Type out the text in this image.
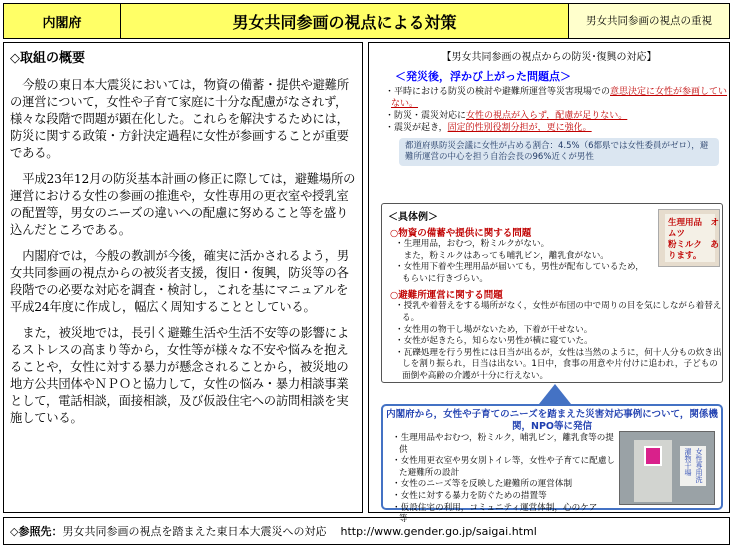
内閣府	男女共同参画の視点による対策	男女共同参画の視点の重視
◇取組の概要

今般の東日本大震災においては，物資の備蓄・提供や避難所の運営について，女性や子育て家庭に十分な配慮がなされず，様々な段階で問題が顕在化した。これらを解決するためには，防災に関する政策・方針決定過程に女性が参画することが重要である。

平成23年12月の防災基本計画の修正に際しては，避難場所の運営における女性の参画の推進や，女性専用の更衣室や授乳室の配置等，男女のニーズの違いへの配慮に努めること等を盛り込んだところである。

内閣府では，今般の教訓が今後，確実に活かされるよう，男女共同参画の視点からの被災者支援，復旧・復興，防災等の各段階での必要な対応を調査・検討し，これを基にマニュアルを平成24年度に作成し，幅広く周知することとしている。

また，被災地では，長引く避難生活や生活不安等の影響によるストレスの高まり等から，女性等が様々な不安や悩みを抱えることや，女性に対する暴力が懸念されることから，被災地の地方公共団体やＮＰＯと協力して，女性の悩み・暴力相談事業として，電話相談，面接相談，及び仮設住宅への訪問相談を実施している。

【男女共同参画の視点からの防災･復興の対応】
＜発災後，浮かび上がった問題点＞
・平時における防災の検討や避難所運営等災害現場での意思決定に女性が参画していない。
・防災・震災対応に女性の視点が入らず，配慮が足りない。
・震災が起き，固定的性別役割分担が，更に強化。
都道府県防災会議に女性が占める割合：4.5%（6都県では女性委員がゼロ），避難所運営の中心を担う自治会長の96%近くが男性
＜具体例＞
○物資の備蓄や提供に関する問題
・生理用品，おむつ，粉ミルクがない。
　また，粉ミルクはあっても哺乳ビン，離乳食がない。
・女性用下着や生理用品が届いても，男性が配布しているため，もらいに行きづらい。
○避難所運営に関する問題
・授乳や着替えをする場所がなく，女性が布団の中で周りの目を気にしながら着替える。
・女性用の物干し場がないため，下着が干せない。
・女性が起きたら，知らない男性が横に寝ていた。
・瓦礫処理を行う男性には日当が出るが，女性は当然のように，何十人分もの炊き出しを割り振られ，日当は出ない。1日中，食事の用意や片付けに追われ，子どもの面倒や高齢の介護が十分に行えない。
生理用品　オムツ
粉ミルク　あります。
内閣府から，女性や子育てのニーズを踏まえた災害対応事例について，関係機関，NPO等に発信
・生理用品やおむつ，粉ミルク，哺乳ビン，離乳食等の提供
・女性用更衣室や男女別トイレ等，女性や子育てに配慮した避難所の設計
・女性のニーズ等を反映した避難所の運営体制
・女性に対する暴力を防ぐための措置等
・仮設住宅の利用，コミュニティ運営体制，心のケア　　等
女性専用洗濯物干場
◇参照先： 男女共同参画の視点を踏まえた東日本大震災への対応 http://www.gender.go.jp/saigai.html
